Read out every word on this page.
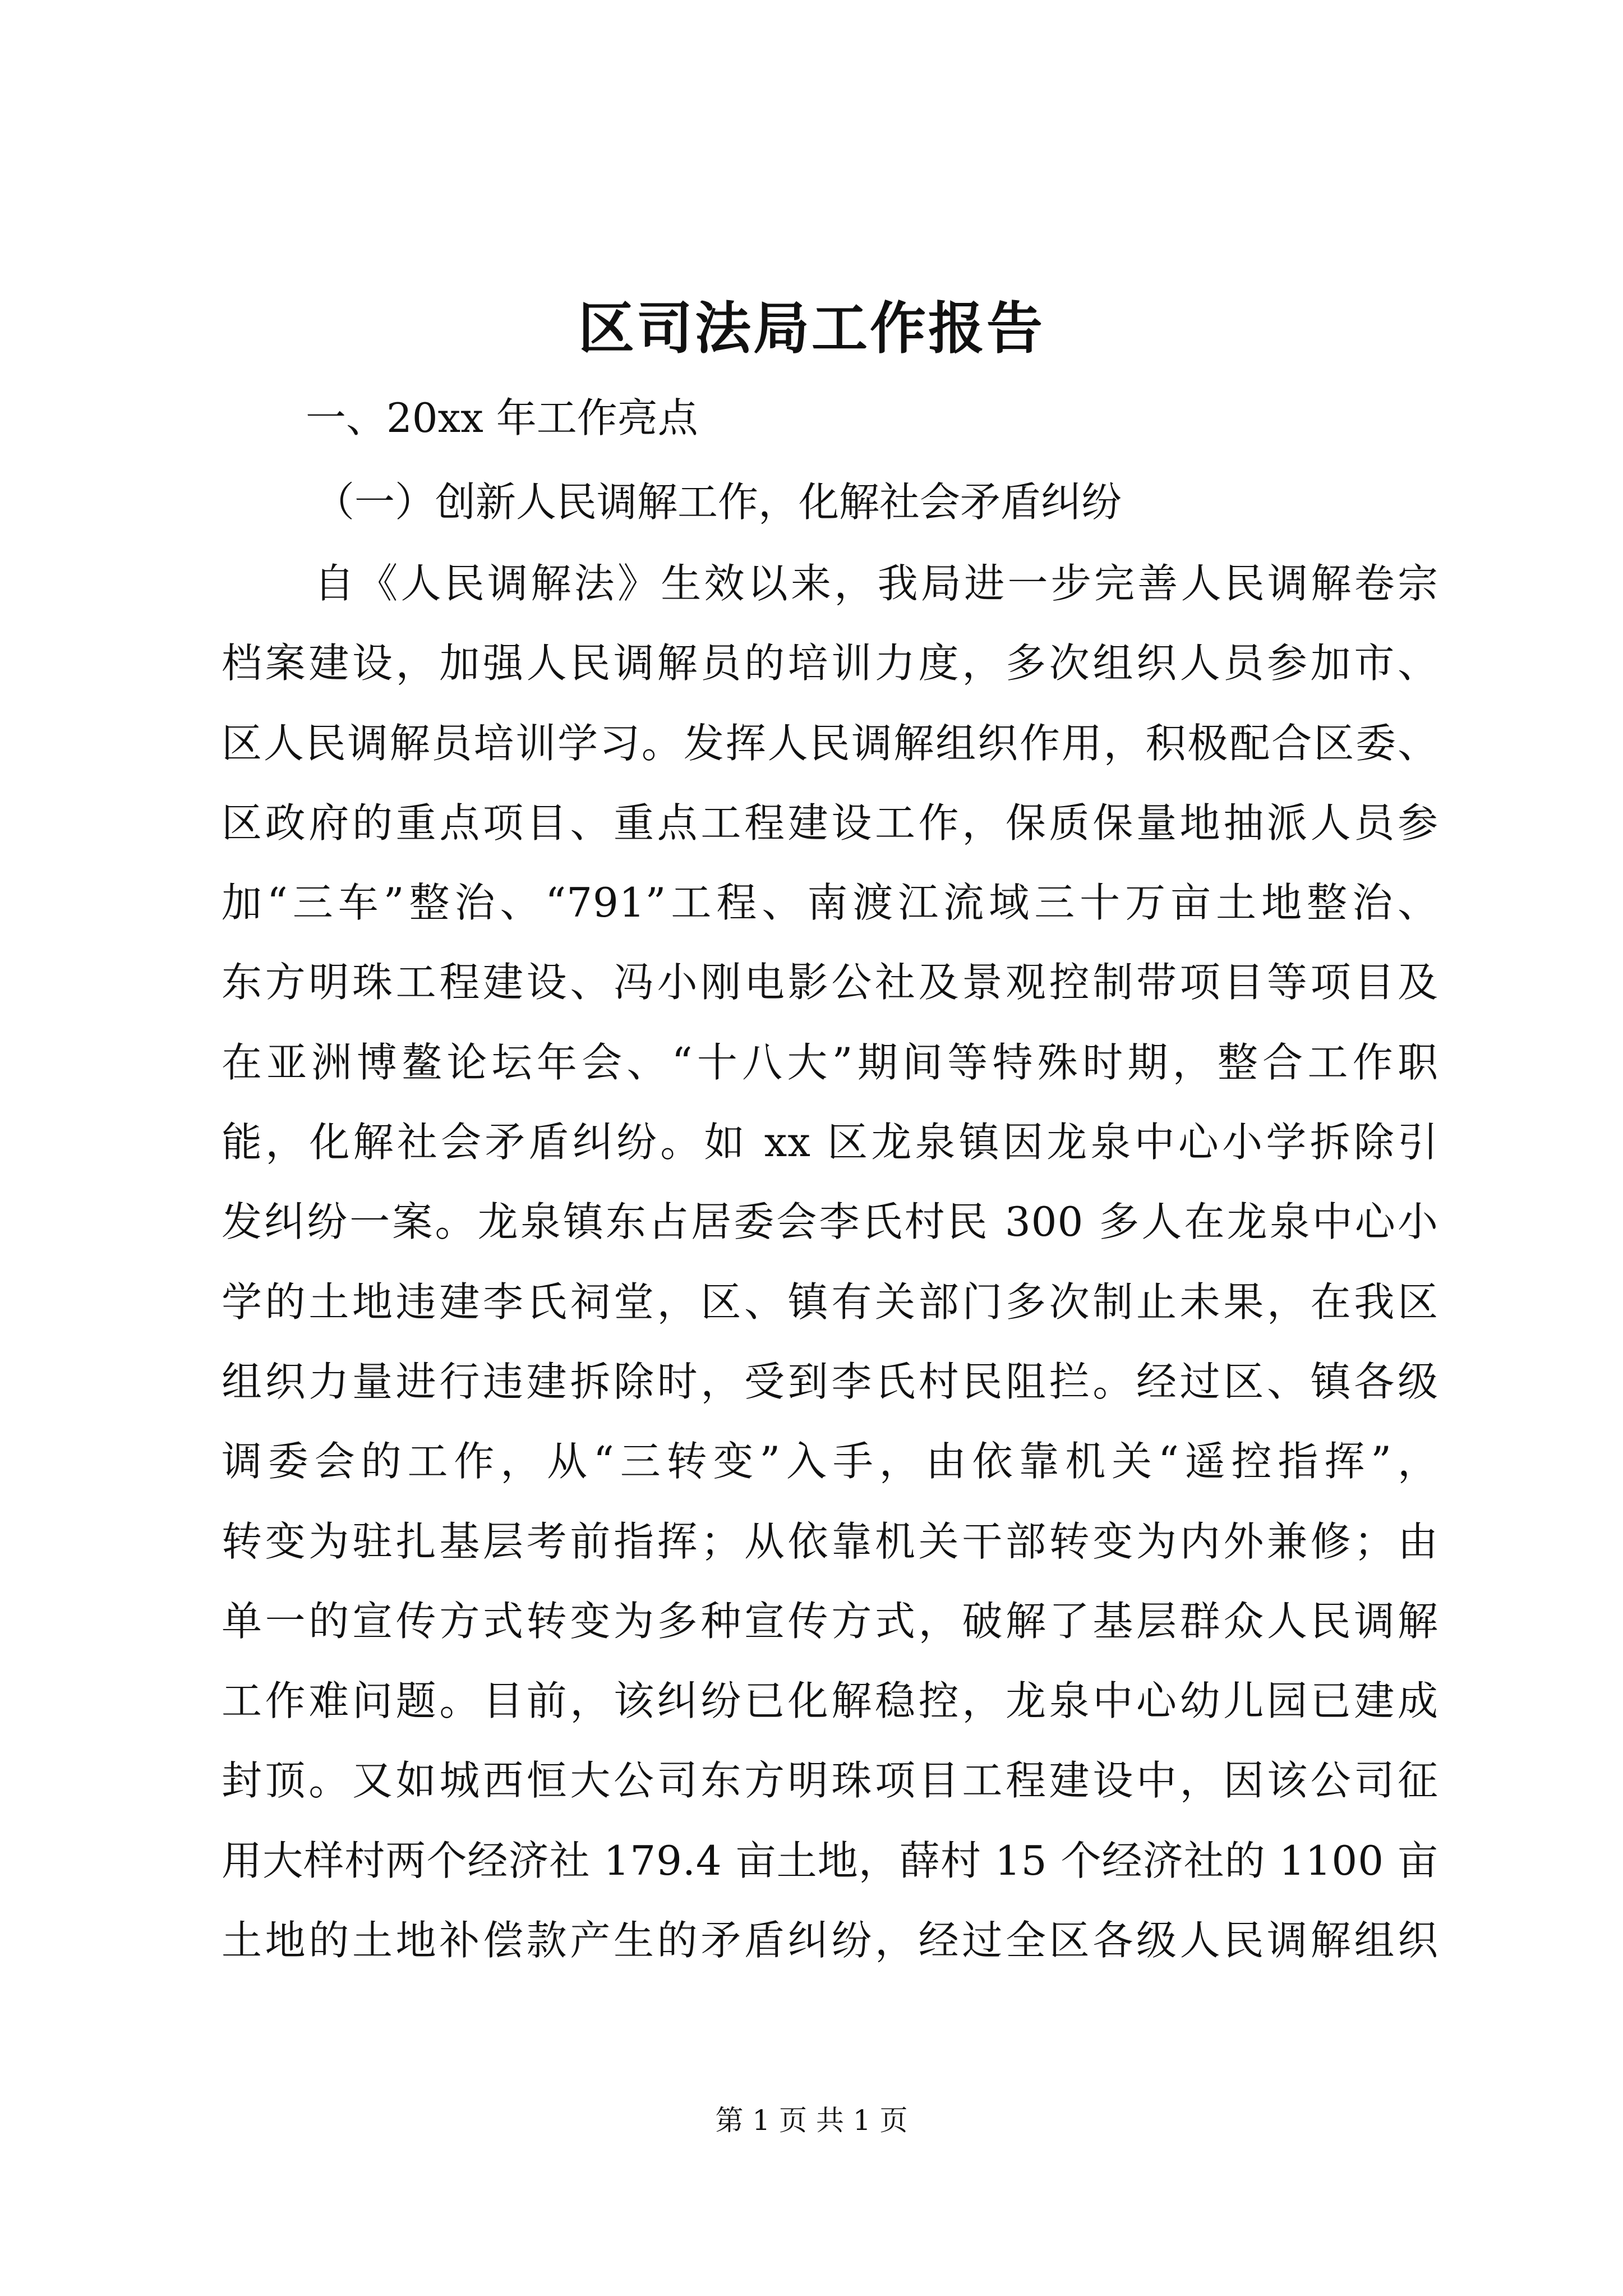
区司法局工作报告

一、20xx 年工作亮点

（一）创新人民调解工作，化解社会矛盾纠纷

自《人民调解法》生效以来，我局进一步完善人民调解卷宗
档案建设，加强人民调解员的培训力度，多次组织人员参加市、
区人民调解员培训学习。发挥人民调解组织作用，积极配合区委、
区政府的重点项目、重点工程建设工作，保质保量地抽派人员参
加“三车”整治、“791”工程、南渡江流域三十万亩土地整治、
东方明珠工程建设、冯小刚电影公社及景观控制带项目等项目及
在亚洲博鳌论坛年会、“十八大”期间等特殊时期，整合工作职
能，化解社会矛盾纠纷。如 xx 区龙泉镇因龙泉中心小学拆除引
发纠纷一案。龙泉镇东占居委会李氏村民 300 多人在龙泉中心小
学的土地违建李氏祠堂，区、镇有关部门多次制止未果，在我区
组织力量进行违建拆除时，受到李氏村民阻拦。经过区、镇各级
调委会的工作，从“三转变”入手，由依靠机关“遥控指挥”，
转变为驻扎基层考前指挥；从依靠机关干部转变为内外兼修；由
单一的宣传方式转变为多种宣传方式，破解了基层群众人民调解
工作难问题。目前，该纠纷已化解稳控，龙泉中心幼儿园已建成
封顶。又如城西恒大公司东方明珠项目工程建设中，因该公司征
用大样村两个经济社 179.4 亩土地，薛村 15 个经济社的 1100 亩
土地的土地补偿款产生的矛盾纠纷，经过全区各级人民调解组织

第 1 页 共 1 页
